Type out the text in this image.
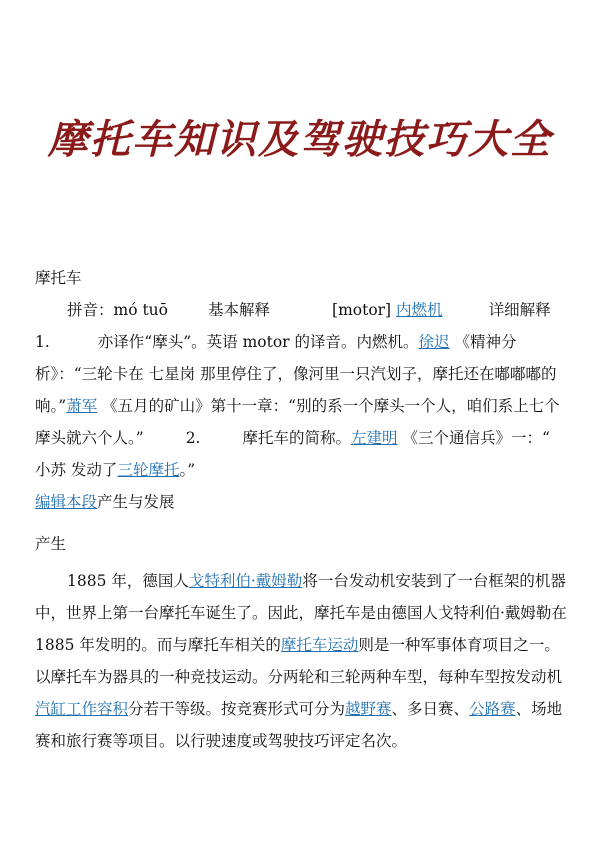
摩托车知识及驾驶技巧大全

摩托车

拼音：mó tuō	基本解释	[motor] 内燃机	详细解释

1.	亦译作“摩头”。英语 motor 的译音。内燃机。徐迟 《精神分析》：“三轮卡在 七星岗 那里停住了，像河里一只汽划子，摩托还在嘟嘟嘟的响。”萧军 《五月的矿山》第十一章：“别的系一个摩头一个人，咱们系上七个摩头就六个人。”	2.	摩托车的简称。左建明 《三个通信兵》一：“ 小苏 发动了三轮摩托。”

编辑本段产生与发展

产生

1885 年，德国人戈特利伯·戴姆勒将一台发动机安装到了一台框架的机器中，世界上第一台摩托车诞生了。因此，摩托车是由德国人戈特利伯·戴姆勒在 1885 年发明的。而与摩托车相关的摩托车运动则是一种军事体育项目之一。以摩托车为器具的一种竞技运动。分两轮和三轮两种车型，每种车型按发动机汽缸工作容积分若干等级。按竞赛形式可分为越野赛、多日赛、公路赛、场地赛和旅行赛等项目。以行驶速度或驾驶技巧评定名次。
